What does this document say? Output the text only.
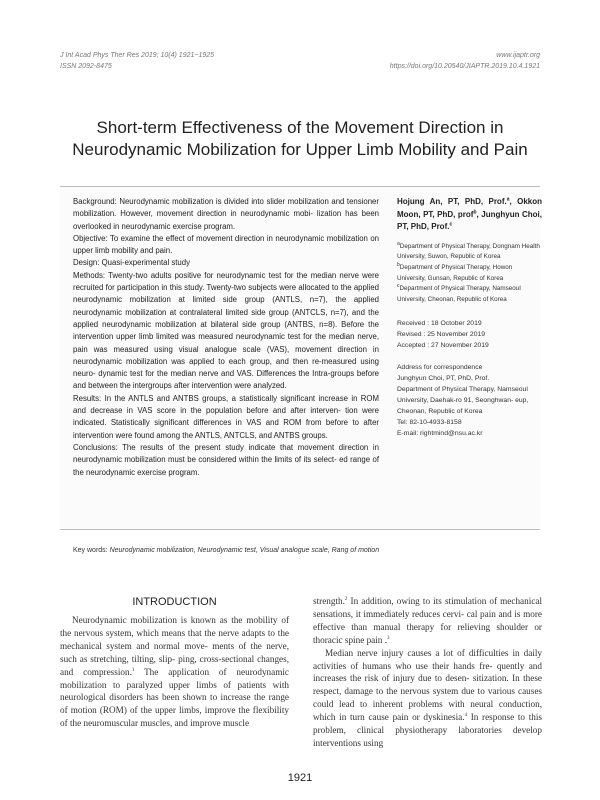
J Int Acad Phys Ther Res 2019; 10(4) 1921~1925
ISSN 2092-8475
www.ijaptr.org
https://doi.org/10.20540/JIAPTR.2019.10.4.1921
Short-term Effectiveness of the Movement Direction in
Neurodynamic Mobilization for Upper Limb Mobility and Pain

Background: Neurodynamic mobilization is divided into slider mobilization and tensioner mobilization. However, movement direction in neurodynamic mobi- lization has been overlooked in neurodynamic exercise program.

Objective: To examine the effect of movement direction in neurodynamic mobilization on upper limb mobility and pain.

Design: Quasi-experimental study

Methods: Twenty-two adults positive for neurodynamic test for the median nerve were recruited for participation in this study. Twenty-two subjects were allocated to the applied neurodynamic mobilization at limited side group (ANTLS, n=7), the applied neurodynamic mobilization at contralateral limited side group (ANTCLS, n=7), and the applied neurodynamic mobilization at bilateral side group (ANTBS, n=8). Before the intervention upper limb limited was measured neurodynamic test for the median nerve, pain was measured using visual analogue scale (VAS), movement direction in neurodynamic mobilization was applied to each group, and then re-measured using neuro- dynamic test for the median nerve and VAS. Differences the Intra-groups before and between the intergroups after intervention were analyzed.

Results: In the ANTLS and ANTBS groups, a statistically significant increase in ROM and decrease in VAS score in the population before and after interven- tion were indicated. Statistically significant differences in VAS and ROM from before to after intervention were found among the ANTLS, ANTCLS, and ANTBS groups.

Conclusions: The results of the present study indicate that movement direction in neurodynamic mobilization must be considered within the limits of its select- ed range of the neurodynamic exercise program.

Hojung An, PT, PhD, Prof.$^a$, Okkon Moon, PT, PhD, prof$^b$, Junghyun Choi, PT, PhD, Prof.$^c$

$^a$Department of Physical Therapy, Dongnam Health University, Suwon, Republic of Korea

$^b$Department of Physical Therapy, Howon University, Gunsan, Republic of Korea

$^c$Department of Physical Therapy, Namseoul University, Cheonan, Republic of Korea

Received : 18 October 2019
Revised : 25 November 2019
Accepted : 27 November 2019
Address for correspondence
Junghyun Choi, PT, PhD, Prof.
Department of Physical Therapy, Namseoul University, Daehak-ro 91, Seonghwan- eup, Cheonan, Republic of Korea
Tel: 82-10-4933-8158
E-mail: rightmind@nsu.ac.kr
Key words: Neurodynamic mobilization, Neurodynamic test, Visual analogue scale, Rang of motion
INTRODUCTION

Neurodynamic mobilization is known as the mobility of the nervous system, which means that the nerve adapts to the mechanical system and normal move- ments of the nerve, such as stretching, tilting, slip- ping, cross-sectional changes, and compression.$^1$ The application of neurodynamic mobilization to paralyzed upper limbs of patients with neurological disorders has been shown to increase the range of motion (ROM) of the upper limbs, improve the flexibility of the neuromuscular muscles, and improve muscle

strength.$^2$ In addition, owing to its stimulation of mechanical sensations, it immediately reduces cervi- cal pain and is more effective than manual therapy for relieving shoulder or thoracic spine pain .$^3$

Median nerve injury causes a lot of difficulties in daily activities of humans who use their hands fre- quently and increases the risk of injury due to desen- sitization. In these respect, damage to the nervous system due to various causes could lead to inherent problems with neural conduction, which in turn cause pain or dyskinesia.$^4$ In response to this problem, clinical physiotherapy laboratories develop interventions using

1921
